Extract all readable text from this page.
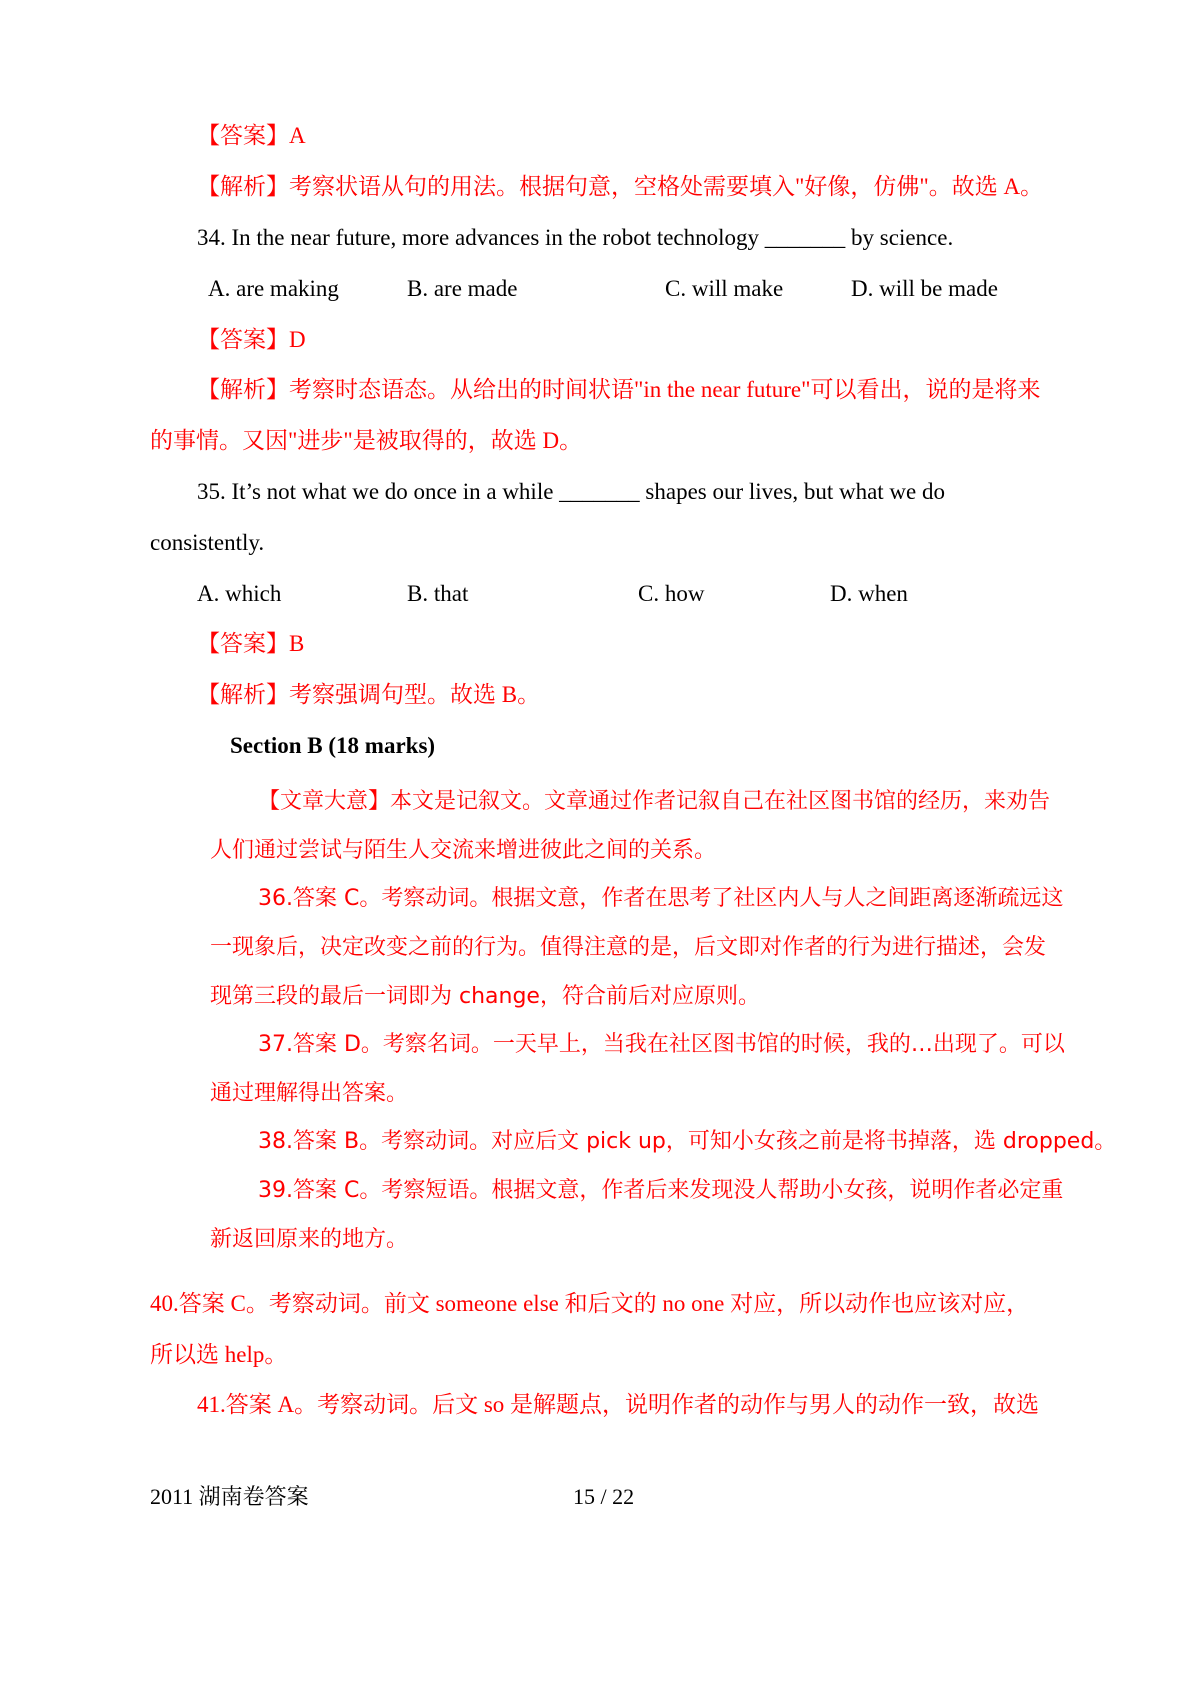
【答案】A
【解析】考察状语从句的用法。根据句意，空格处需要填入"好像，仿佛"。故选 A。
34. In the near future, more advances in the robot technology _______ by science.
A. are making	B. are made	C. will make	D. will be made
【答案】D
【解析】考察时态语态。从给出的时间状语"in the near future"可以看出，说的是将来
的事情。又因"进步"是被取得的，故选 D。
35. It’s not what we do once in a while _______ shapes our lives, but what we do
consistently.
A. which	B. that	C. how	D. when
【答案】B
【解析】考察强调句型。故选 B。
Section B (18 marks)
【文章大意】本文是记叙文。文章通过作者记叙自己在社区图书馆的经历，来劝告
人们通过尝试与陌生人交流来增进彼此之间的关系。
36.答案 C。考察动词。根据文意，作者在思考了社区内人与人之间距离逐渐疏远这
一现象后，决定改变之前的行为。值得注意的是，后文即对作者的行为进行描述，会发
现第三段的最后一词即为 change，符合前后对应原则。
37.答案 D。考察名词。一天早上，当我在社区图书馆的时候，我的…出现了。可以
通过理解得出答案。
38.答案 B。考察动词。对应后文 pick up，可知小女孩之前是将书掉落，选 dropped。
39.答案 C。考察短语。根据文意，作者后来发现没人帮助小女孩，说明作者必定重
新返回原来的地方。
40.答案 C。考察动词。前文 someone else 和后文的 no one 对应，所以动作也应该对应，
所以选 help。
41.答案 A。考察动词。后文 so 是解题点，说明作者的动作与男人的动作一致，故选
2011 湖南卷答案	15 / 22
